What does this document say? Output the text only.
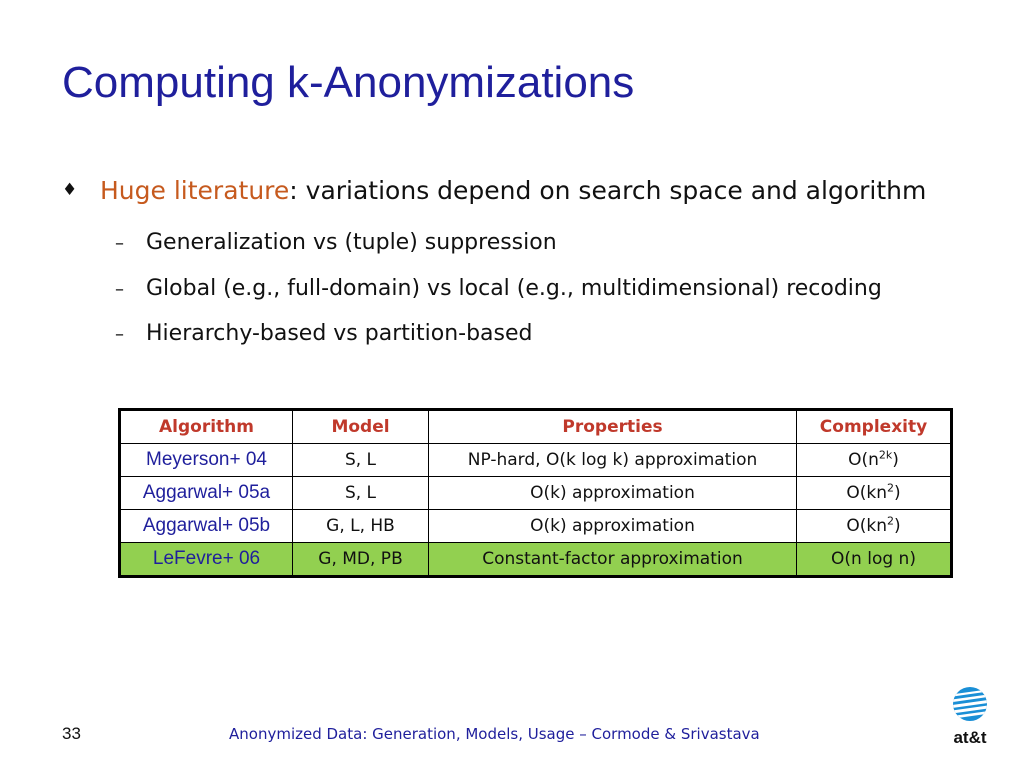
Computing k-Anonymizations
♦ Huge literature: variations depend on search space and algorithm
– Generalization vs (tuple) suppression
– Global (e.g., full-domain) vs local (e.g., multidimensional) recoding
– Hierarchy-based vs partition-based
Algorithm	Model	Properties	Complexity
Meyerson+ 04	S, L	NP-hard, O(k log k) approximation	$O(n^{2k})$
Aggarwal+ 05a	S, L	O(k) approximation	$O(kn^2)$
Aggarwal+ 05b	G, L, HB	O(k) approximation	$O(kn^2)$
LeFevre+ 06	G, MD, PB	Constant-factor approximation	O(n log n)
33	Anonymized Data: Generation, Models, Usage – Cormode & Srivastava	at&t
